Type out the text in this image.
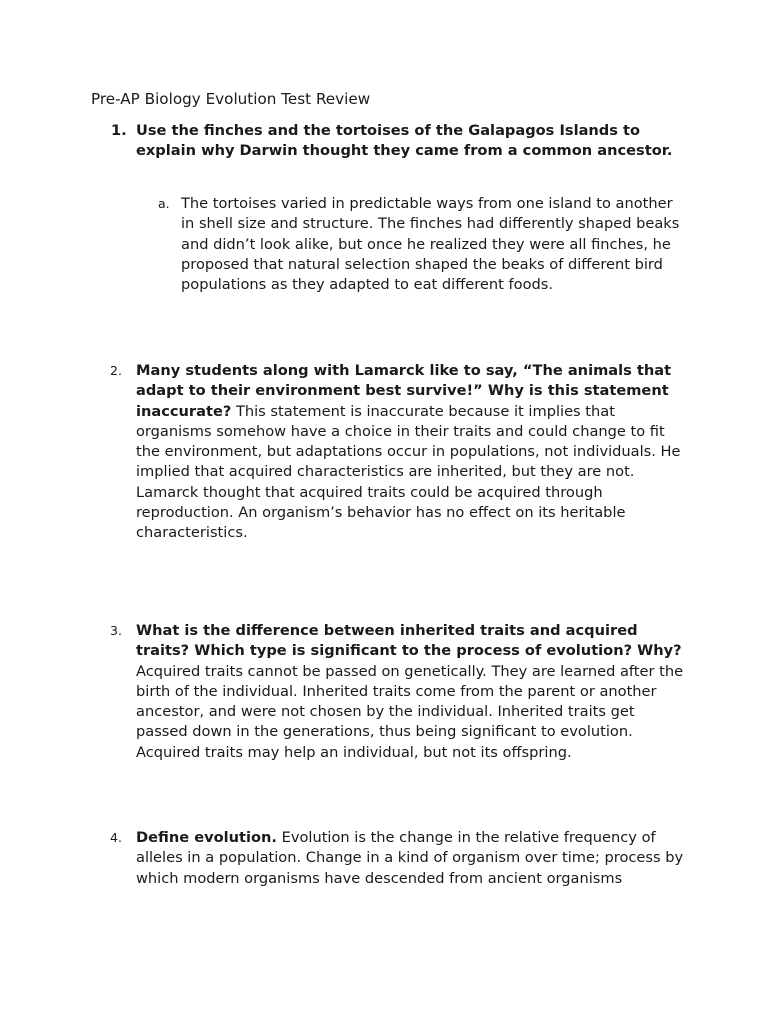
Pre-AP Biology Evolution Test Review
1. Use the finches and the tortoises of the Galapagos Islands to explain why Darwin thought they came from a common ancestor.
a. The tortoises varied in predictable ways from one island to another in shell size and structure. The finches had differently shaped beaks and didn’t look alike, but once he realized they were all finches, he proposed that natural selection shaped the beaks of different bird populations as they adapted to eat different foods.
2. Many students along with Lamarck like to say, “The animals that adapt to their environment best survive!” Why is this statement inaccurate? This statement is inaccurate because it implies that organisms somehow have a choice in their traits and could change to fit the environment, but adaptations occur in populations, not individuals. He implied that acquired characteristics are inherited, but they are not. Lamarck thought that acquired traits could be acquired through reproduction. An organism’s behavior has no effect on its heritable characteristics.
3. What is the difference between inherited traits and acquired traits? Which type is significant to the process of evolution? Why? Acquired traits cannot be passed on genetically. They are learned after the birth of the individual. Inherited traits come from the parent or another ancestor, and were not chosen by the individual. Inherited traits get passed down in the generations, thus being significant to evolution. Acquired traits may help an individual, but not its offspring.
4. Define evolution. Evolution is the change in the relative frequency of alleles in a population. Change in a kind of organism over time; process by which modern organisms have descended from ancient organisms
